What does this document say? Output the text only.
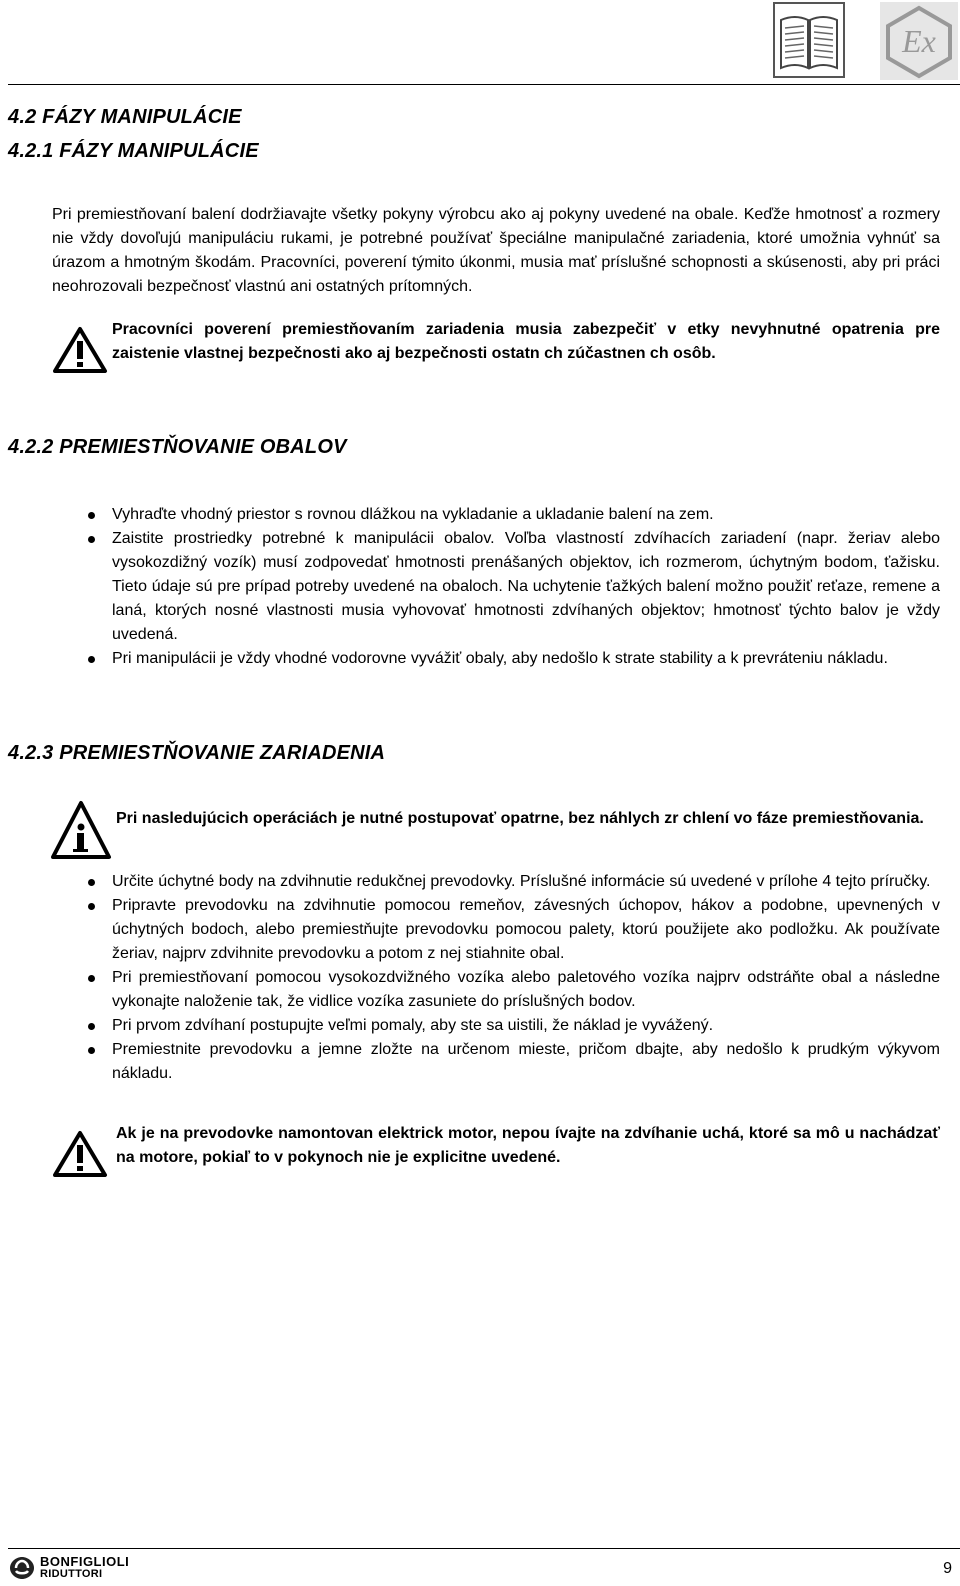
Ex
4.2 FÁZY MANIPULÁCIE
4.2.1 FÁZY MANIPULÁCIE
Pri premiestňovaní balení dodržiavajte všetky pokyny výrobcu ako aj pokyny uvedené na obale. Keďže hmotnosť a rozmery nie vždy dovoľujú manipuláciu rukami, je potrebné používať špeciálne manipulačné zariadenia, ktoré umožnia vyhnúť sa úrazom a hmotným škodám. Pracovníci, poverení týmito úkonmi, musia mať príslušné schopnosti a skúsenosti, aby pri práci neohrozovali bezpečnosť vlastnú ani ostatných prítomných.
Pracovníci poverení premiestňovaním zariadenia musia zabezpečiť v etky nevyhnutné opatrenia pre zaistenie vlastnej bezpečnosti ako aj bezpečnosti ostatn ch zúčastnen ch osôb.
4.2.2 PREMIESTŇOVANIE OBALOV
Vyhraďte vhodný priestor s rovnou dlážkou na vykladanie a ukladanie balení na zem.
Zaistite prostriedky potrebné k manipulácii obalov. Voľba vlastností zdvíhacích zariadení (napr. žeriav alebo vysokozdižný vozík) musí zodpovedať hmotnosti prenášaných objektov, ich rozmerom, úchytným bodom, ťažisku. Tieto údaje sú pre prípad potreby uvedené na obaloch. Na uchytenie ťažkých balení možno použiť reťaze, remene a laná, ktorých nosné vlastnosti musia vyhovovať hmotnosti zdvíhaných objektov; hmotnosť týchto balov je vždy uvedená.
Pri manipulácii je vždy vhodné vodorovne vyvážiť obaly, aby nedošlo k strate stability a k prevráteniu nákladu.
4.2.3 PREMIESTŇOVANIE ZARIADENIA
Pri nasledujúcich operáciách je nutné postupovať opatrne, bez náhlych zr chlení vo fáze premiestňovania.
Určite úchytné body na zdvihnutie redukčnej prevodovky. Príslušné informácie sú uvedené v prílohe 4 tejto príručky.
Pripravte prevodovku na zdvihnutie pomocou remeňov, závesných úchopov, hákov a podobne, upevnených v úchytných bodoch, alebo premiestňujte prevodovku pomocou palety, ktorú použijete ako podložku. Ak používate žeriav, najprv zdvihnite prevodovku a potom z nej stiahnite obal.
Pri premiestňovaní pomocou vysokozdvižného vozíka alebo paletového vozíka najprv odstráňte obal a následne vykonajte naloženie tak, že vidlice vozíka zasuniete do príslušných bodov.
Pri prvom zdvíhaní postupujte veľmi pomaly, aby ste sa uistili, že náklad je vyvážený.
Premiestnite prevodovku a jemne zložte na určenom mieste, pričom dbajte, aby nedošlo k prudkým výkyvom nákladu.
Ak je na prevodovke namontovan elektrick motor, nepou ívajte na zdvíhanie uchá, ktoré sa mô u nachádzať na motore, pokiaľ to v pokynoch nie je explicitne uvedené.
BONFIGLIOLI
RIDUTTORI	9
